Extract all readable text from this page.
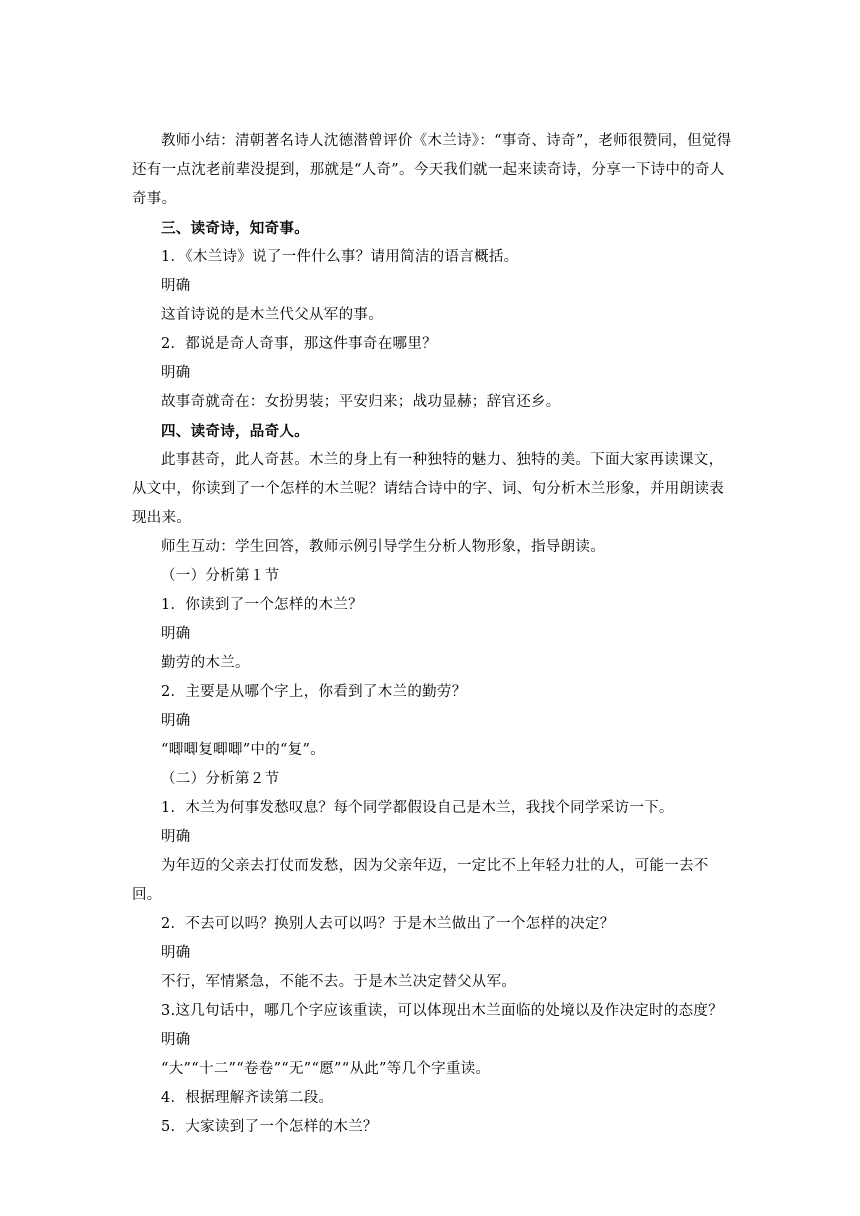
教师小结：清朝著名诗人沈德潜曾评价《木兰诗》：“事奇、诗奇”，老师很赞同，但觉得还有一点沈老前辈没提到，那就是“人奇”。今天我们就一起来读奇诗，分享一下诗中的奇人奇事。

三、读奇诗，知奇事。

1．《木兰诗》说了一件什么事？请用简洁的语言概括。

明确

这首诗说的是木兰代父从军的事。

2．都说是奇人奇事，那这件事奇在哪里？

明确

故事奇就奇在：女扮男装；平安归来；战功显赫；辞官还乡。

四、读奇诗，品奇人。

此事甚奇，此人奇甚。木兰的身上有一种独特的魅力、独特的美。下面大家再读课文，从文中，你读到了一个怎样的木兰呢？请结合诗中的字、词、句分析木兰形象，并用朗读表现出来。

师生互动：学生回答，教师示例引导学生分析人物形象，指导朗读。

（一）分析第１节

1．你读到了一个怎样的木兰？

明确

勤劳的木兰。

2．主要是从哪个字上，你看到了木兰的勤劳？

明确

“唧唧复唧唧”中的“复”。

（二）分析第２节

1．木兰为何事发愁叹息？每个同学都假设自己是木兰，我找个同学采访一下。

明确

为年迈的父亲去打仗而发愁，因为父亲年迈，一定比不上年轻力壮的人，可能一去不回。

2．不去可以吗？换别人去可以吗？于是木兰做出了一个怎样的决定？

明确

不行，军情紧急，不能不去。于是木兰决定替父从军。

3.这几句话中，哪几个字应该重读，可以体现出木兰面临的处境以及作决定时的态度？

明确

“大”“十二”“卷卷”“无”“愿”“从此”等几个字重读。

4．根据理解齐读第二段。

5．大家读到了一个怎样的木兰？
